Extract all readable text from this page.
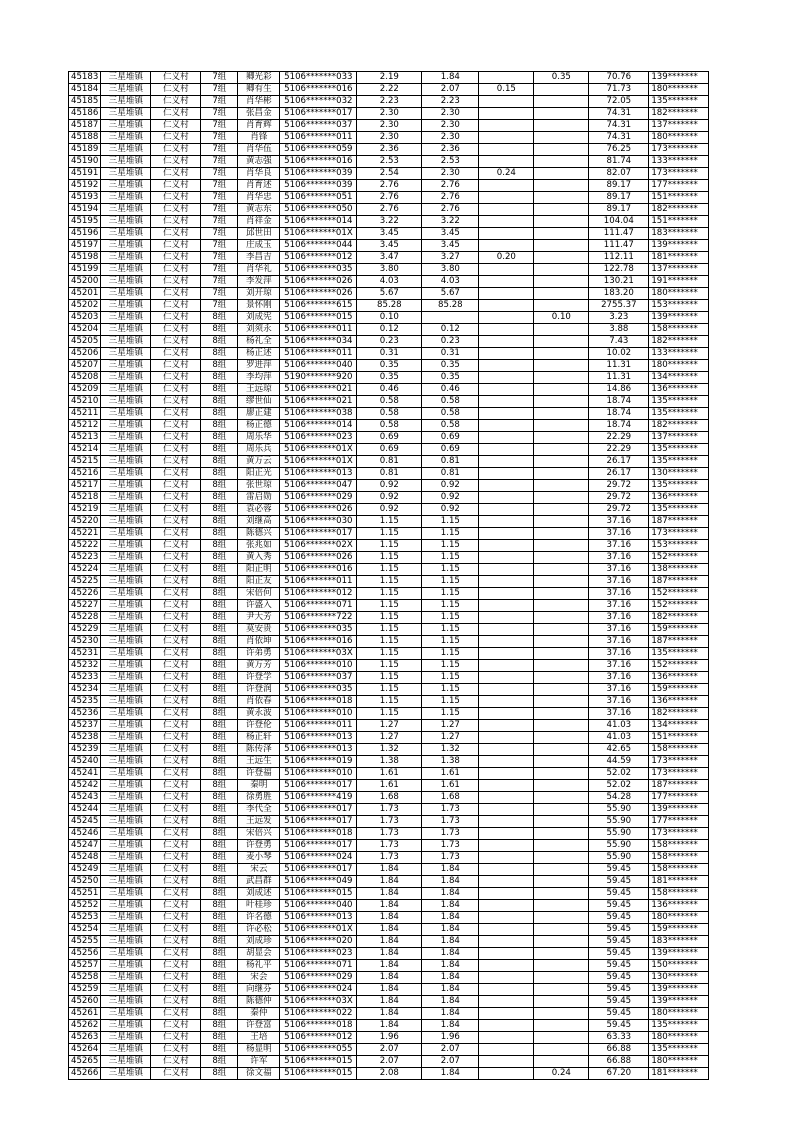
45183	三星堆镇	仁义村	7组	卿光彩	5106*******033	2.19	1.84		0.35	70.76	139*******
45184	三星堆镇	仁义村	7组	卿有生	5106*******016	2.22	2.07	0.15		71.73	180*******
45185	三星堆镇	仁义村	7组	肖华彬	5106*******032	2.23	2.23			72.05	135*******
45186	三星堆镇	仁义村	7组	张昌金	5106*******017	2.30	2.30			74.31	182*******
45187	三星堆镇	仁义村	7组	肖育辉	5106*******037	2.30	2.30			74.31	137*******
45188	三星堆镇	仁义村	7组	肖锋	5106*******011	2.30	2.30			74.31	180*******
45189	三星堆镇	仁义村	7组	肖华伍	5106*******059	2.36	2.36			76.25	173*******
45190	三星堆镇	仁义村	7组	黄志强	5106*******016	2.53	2.53			81.74	133*******
45191	三星堆镇	仁义村	7组	肖华良	5106*******039	2.54	2.30	0.24		82.07	173*******
45192	三星堆镇	仁义村	7组	肖育述	5106*******039	2.76	2.76			89.17	177*******
45193	三星堆镇	仁义村	7组	肖华忠	5106*******051	2.76	2.76			89.17	151*******
45194	三星堆镇	仁义村	7组	黄志东	5106*******050	2.76	2.76			89.17	182*******
45195	三星堆镇	仁义村	7组	肖祥金	5106*******014	3.22	3.22			104.04	151*******
45196	三星堆镇	仁义村	7组	邱世田	5106*******01X	3.45	3.45			111.47	183*******
45197	三星堆镇	仁义村	7组	庄成玉	5106*******044	3.45	3.45			111.47	139*******
45198	三星堆镇	仁义村	7组	李昌吉	5106*******012	3.47	3.27	0.20		112.11	181*******
45199	三星堆镇	仁义村	7组	肖华礼	5106*******035	3.80	3.80			122.78	137*******
45200	三星堆镇	仁义村	7组	李发萍	5106*******026	4.03	4.03			130.21	191*******
45201	三星堆镇	仁义村	7组	刘开琼	5106*******026	5.67	5.67			183.20	180*******
45202	三星堆镇	仁义村	7组	景怀刚	5106*******615	85.28	85.28			2755.37	153*******
45203	三星堆镇	仁义村	8组	刘成宪	5106*******015	0.10			0.10	3.23	139*******
45204	三星堆镇	仁义村	8组	刘须永	5106*******011	0.12	0.12			3.88	158*******
45205	三星堆镇	仁义村	8组	杨礼全	5106*******034	0.23	0.23			7.43	182*******
45206	三星堆镇	仁义村	8组	杨正述	5106*******011	0.31	0.31			10.02	133*******
45207	三星堆镇	仁义村	8组	罗进萍	5106*******040	0.35	0.35			11.31	180*******
45208	三星堆镇	仁义村	8组	李均萍	5190*******920	0.35	0.35			11.31	134*******
45209	三星堆镇	仁义村	8组	王远琼	5106*******021	0.46	0.46			14.86	136*******
45210	三星堆镇	仁义村	8组	缪世仙	5106*******021	0.58	0.58			18.74	135*******
45211	三星堆镇	仁义村	8组	廖正建	5106*******038	0.58	0.58			18.74	135*******
45212	三星堆镇	仁义村	8组	杨正德	5106*******014	0.58	0.58			18.74	182*******
45213	三星堆镇	仁义村	8组	周乐华	5106*******023	0.69	0.69			22.29	137*******
45214	三星堆镇	仁义村	8组	周乐兵	5106*******01X	0.69	0.69			22.29	135*******
45215	三星堆镇	仁义村	8组	黄万云	5106*******01X	0.81	0.81			26.17	135*******
45216	三星堆镇	仁义村	8组	阳正光	5106*******013	0.81	0.81			26.17	130*******
45217	三星堆镇	仁义村	8组	张世琼	5106*******047	0.92	0.92			29.72	135*******
45218	三星堆镇	仁义村	8组	雷启勋	5106*******029	0.92	0.92			29.72	136*******
45219	三星堆镇	仁义村	8组	袁必蓉	5106*******026	0.92	0.92			29.72	135*******
45220	三星堆镇	仁义村	8组	刘继高	5106*******030	1.15	1.15			37.16	187*******
45221	三星堆镇	仁义村	8组	陈德兴	5106*******017	1.15	1.15			37.16	173*******
45222	三星堆镇	仁义村	8组	张兆如	5106*******02X	1.15	1.15			37.16	153*******
45223	三星堆镇	仁义村	8组	黄入秀	5106*******026	1.15	1.15			37.16	152*******
45224	三星堆镇	仁义村	8组	阳正明	5106*******016	1.15	1.15			37.16	138*******
45225	三星堆镇	仁义村	8组	阳正友	5106*******011	1.15	1.15			37.16	187*******
45226	三星堆镇	仁义村	8组	宋倍何	5106*******012	1.15	1.15			37.16	152*******
45227	三星堆镇	仁义村	8组	许盛入	5106*******071	1.15	1.15			37.16	152*******
45228	三星堆镇	仁义村	8组	尹大芳	5106*******722	1.15	1.15			37.16	182*******
45229	三星堆镇	仁义村	8组	莫安贵	5106*******035	1.15	1.15			37.16	159*******
45230	三星堆镇	仁义村	8组	肖依坤	5106*******016	1.15	1.15			37.16	187*******
45231	三星堆镇	仁义村	8组	许弟勇	5106*******03X	1.15	1.15			37.16	135*******
45232	三星堆镇	仁义村	8组	黄万芳	5106*******010	1.15	1.15			37.16	152*******
45233	三星堆镇	仁义村	8组	许登学	5106*******037	1.15	1.15			37.16	136*******
45234	三星堆镇	仁义村	8组	许登润	5106*******035	1.15	1.15			37.16	159*******
45235	三星堆镇	仁义村	8组	肖依春	5106*******018	1.15	1.15			37.16	136*******
45236	三星堆镇	仁义村	8组	黄永波	5106*******010	1.15	1.15			37.16	182*******
45237	三星堆镇	仁义村	8组	许登伦	5106*******011	1.27	1.27			41.03	134*******
45238	三星堆镇	仁义村	8组	杨正轩	5106*******013	1.27	1.27			41.03	151*******
45239	三星堆镇	仁义村	8组	陈传泽	5106*******013	1.32	1.32			42.65	158*******
45240	三星堆镇	仁义村	8组	王远生	5106*******019	1.38	1.38			44.59	173*******
45241	三星堆镇	仁义村	8组	许登福	5106*******010	1.61	1.61			52.02	173*******
45242	三星堆镇	仁义村	8组	秦明	5106*******017	1.61	1.61			52.02	187*******
45243	三星堆镇	仁义村	8组	徐勇胜	5106*******419	1.68	1.68			54.28	177*******
45244	三星堆镇	仁义村	8组	李代全	5106*******017	1.73	1.73			55.90	139*******
45245	三星堆镇	仁义村	8组	王远发	5106*******017	1.73	1.73			55.90	177*******
45246	三星堆镇	仁义村	8组	宋倍兴	5106*******018	1.73	1.73			55.90	173*******
45247	三星堆镇	仁义村	8组	许登勇	5106*******017	1.73	1.73			55.90	158*******
45248	三星堆镇	仁义村	8组	麦小琴	5106*******024	1.73	1.73			55.90	158*******
45249	三星堆镇	仁义村	8组	宋云	5106*******017	1.84	1.84			59.45	158*******
45250	三星堆镇	仁义村	8组	武昌群	5106*******049	1.84	1.84			59.45	181*******
45251	三星堆镇	仁义村	8组	刘成述	5106*******015	1.84	1.84			59.45	158*******
45252	三星堆镇	仁义村	8组	叶桂珍	5106*******040	1.84	1.84			59.45	136*******
45253	三星堆镇	仁义村	8组	许名德	5106*******013	1.84	1.84			59.45	180*******
45254	三星堆镇	仁义村	8组	许必松	5106*******01X	1.84	1.84			59.45	159*******
45255	三星堆镇	仁义村	8组	刘成珍	5106*******020	1.84	1.84			59.45	183*******
45256	三星堆镇	仁义村	8组	胡显会	5106*******023	1.84	1.84			59.45	139*******
45257	三星堆镇	仁义村	8组	杨礼平	5106*******071	1.84	1.84			59.45	150*******
45258	三星堆镇	仁义村	8组	宋会	5106*******029	1.84	1.84			59.45	130*******
45259	三星堆镇	仁义村	8组	向继芬	5106*******024	1.84	1.84			59.45	139*******
45260	三星堆镇	仁义村	8组	陈德仲	5106*******03X	1.84	1.84			59.45	139*******
45261	三星堆镇	仁义村	8组	秦仲	5106*******022	1.84	1.84			59.45	180*******
45262	三星堆镇	仁义村	8组	许登富	5106*******018	1.84	1.84			59.45	135*******
45263	三星堆镇	仁义村	8组	王培	5106*******012	1.96	1.96			63.33	180*******
45264	三星堆镇	仁义村	8组	杨显明	5106*******055	2.07	2.07			66.88	135*******
45265	三星堆镇	仁义村	8组	许军	5106*******015	2.07	2.07			66.88	180*******
45266	三星堆镇	仁义村	8组	徐文福	5106*******015	2.08	1.84		0.24	67.20	181*******
